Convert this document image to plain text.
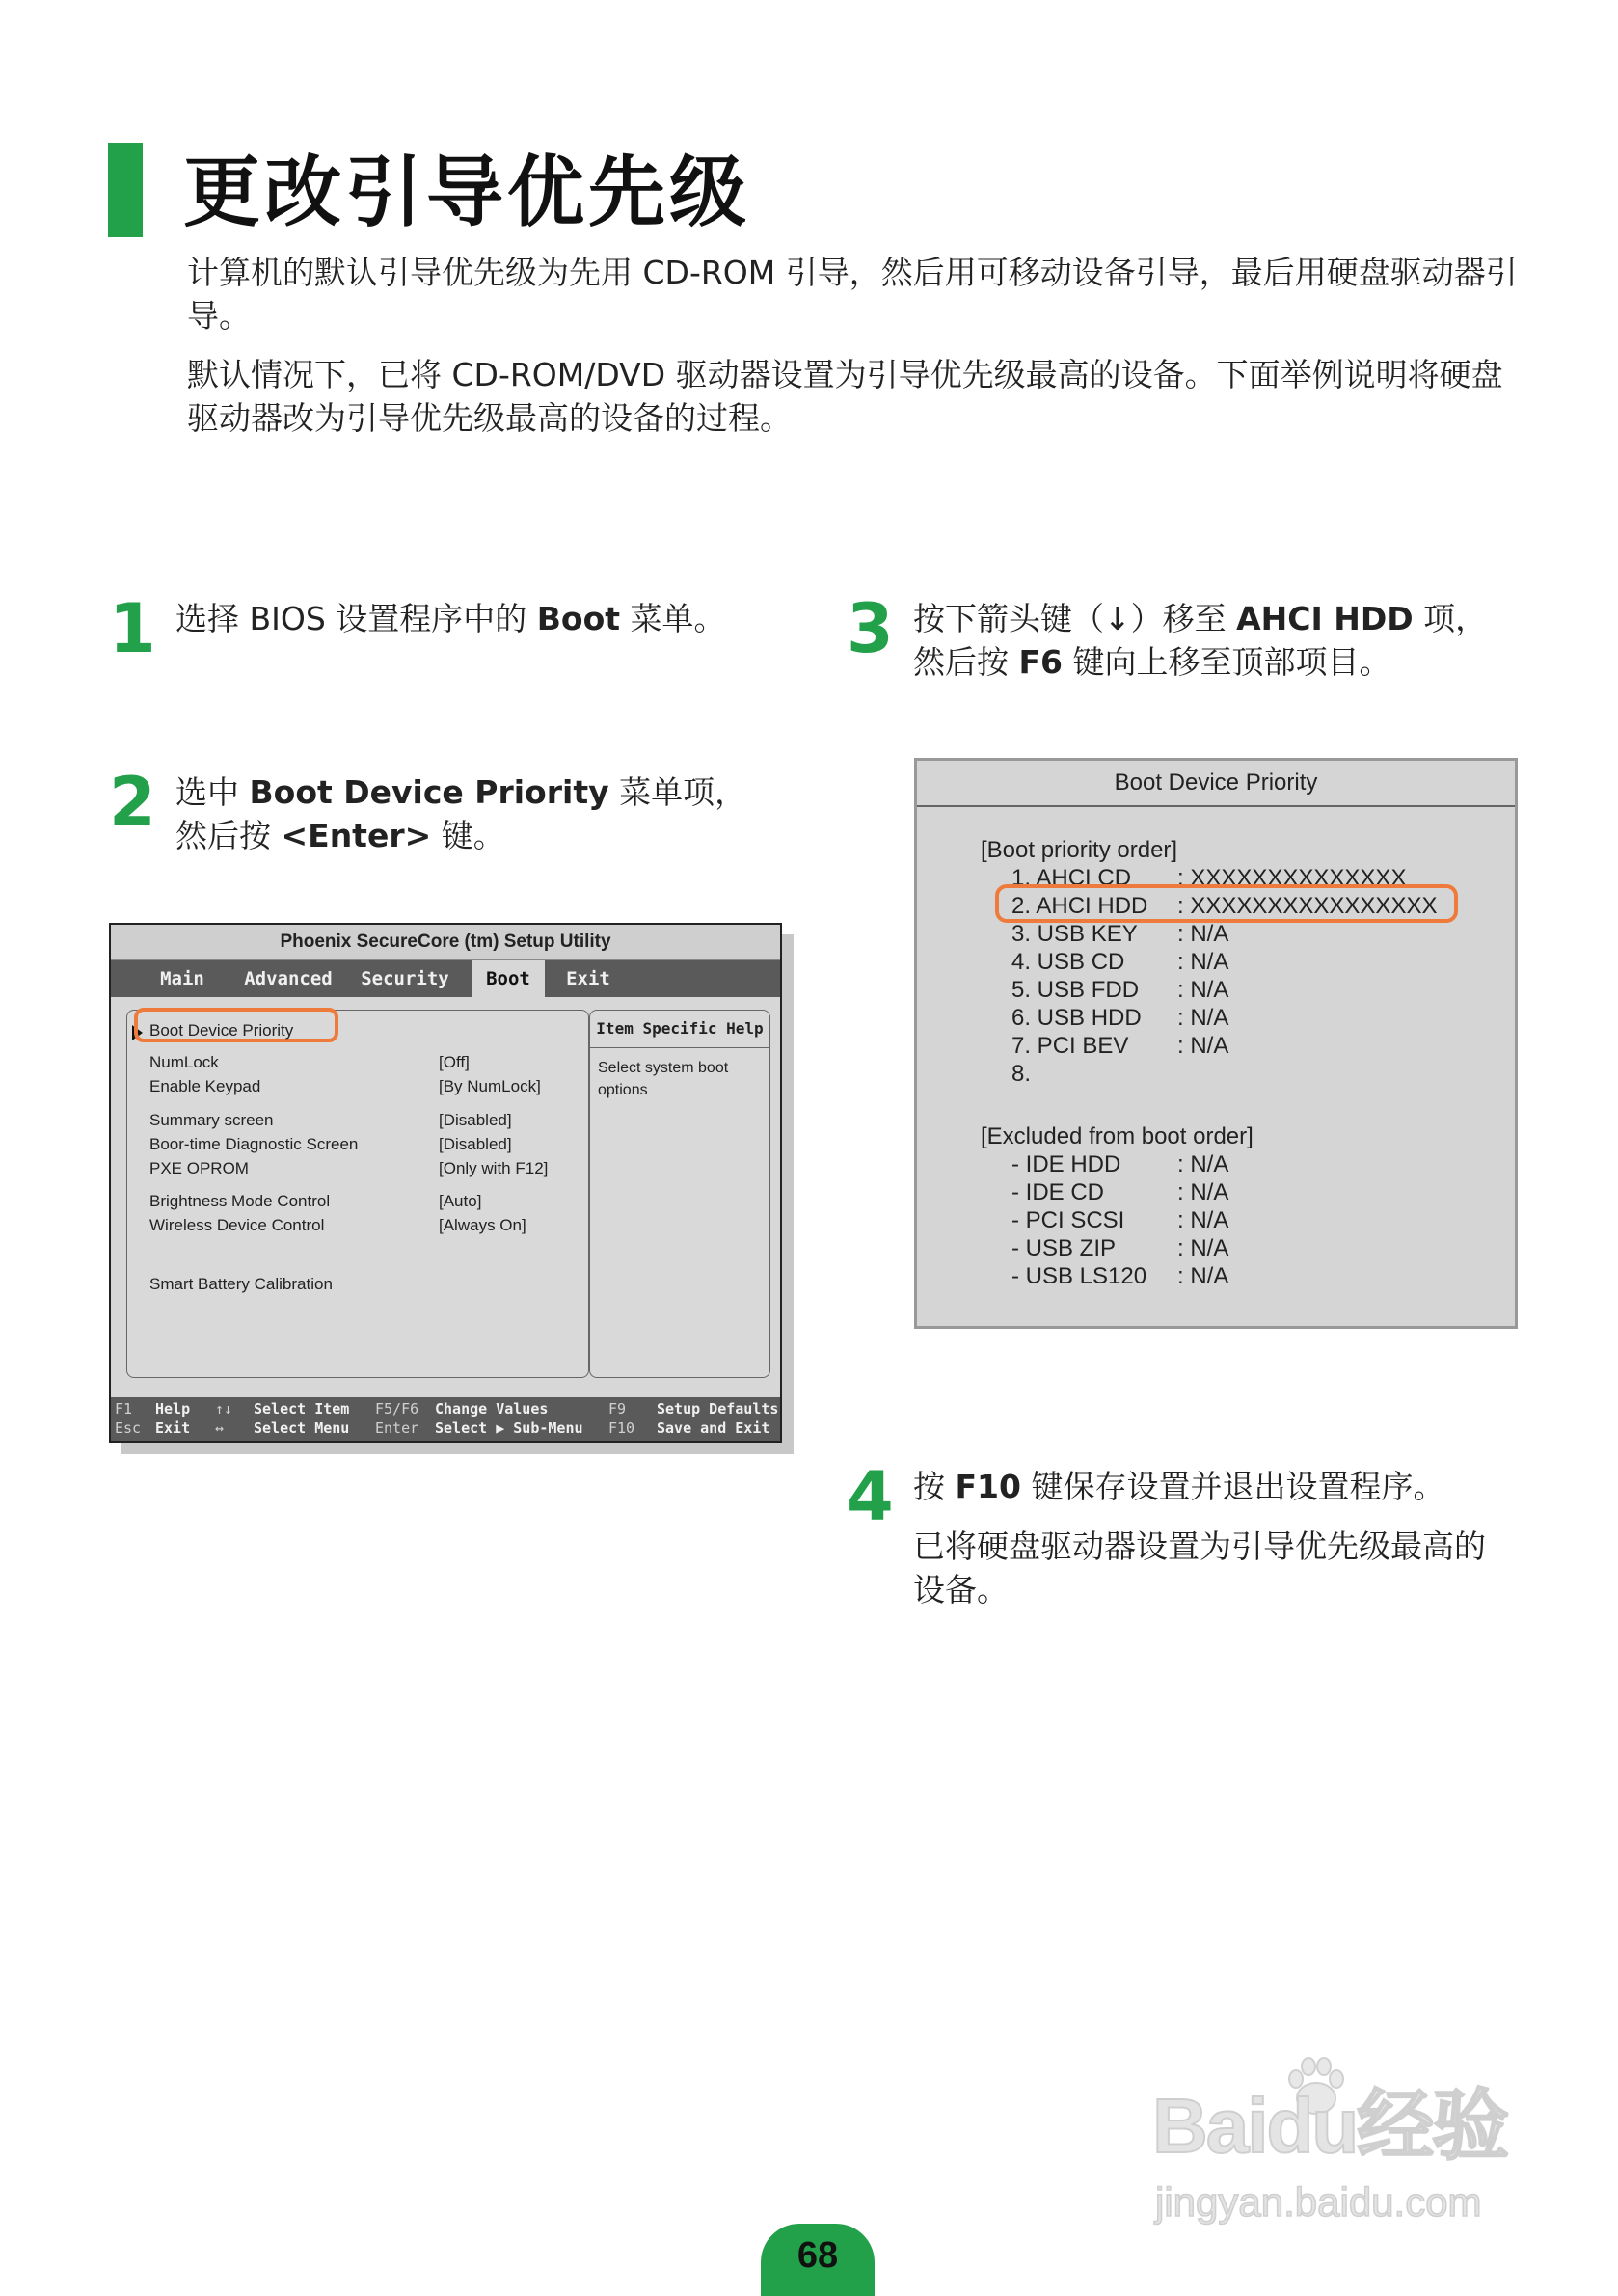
更改引导优先级
计算机的默认引导优先级为先用 CD-ROM 引导，然后用可移动设备引导，最后用硬盘驱动器引导。
默认情况下，已将 CD-ROM/DVD 驱动器设置为引导优先级最高的设备。下面举例说明将硬盘驱动器改为引导优先级最高的设备的过程。
1 选择 BIOS 设置程序中的 Boot 菜单。
2 选中 Boot Device Priority 菜单项，然后按 <Enter> 键。
3 按下箭头键（↓）移至 AHCI HDD 项，然后按 F6 键向上移至顶部项目。
4 按 F10 键保存设置并退出设置程序。
已将硬盘驱动器设置为引导优先级最高的设备。
Phoenix SecureCore (tm) Setup Utility
Main	Advanced	Security	Boot	Exit
Boot Device Priority
NumLock	[Off]
Enable Keypad	[By NumLock]
Summary screen	[Disabled]
Boor-time Diagnostic Screen	[Disabled]
PXE OPROM	[Only with F12]
Brightness Mode Control	[Auto]
Wireless Device Control	[Always On]
Smart Battery Calibration
Item Specific Help
Select system boot options
F1 Help
Esc Exit
↑↓ Select Item
↔ Select Menu
F5/F6 Change Values
Enter Select ▶ Sub-Menu
F9 Setup Defaults
F10 Save and Exit
Boot Device Priority
[Boot priority order]
1. AHCI CD : XXXXXXXXXXXXXX
2. AHCI HDD : XXXXXXXXXXXXXXXX
3. USB KEY : N/A
4. USB CD : N/A
5. USB FDD : N/A
6. USB HDD : N/A
7. PCI BEV : N/A
8.
[Excluded from boot order]
- IDE HDD : N/A
- IDE CD	: N/A
- PCI SCSI : N/A
- USB ZIP	: N/A
- USB LS120 : N/A
Baidu经验
jingyan.baidu.com
68
